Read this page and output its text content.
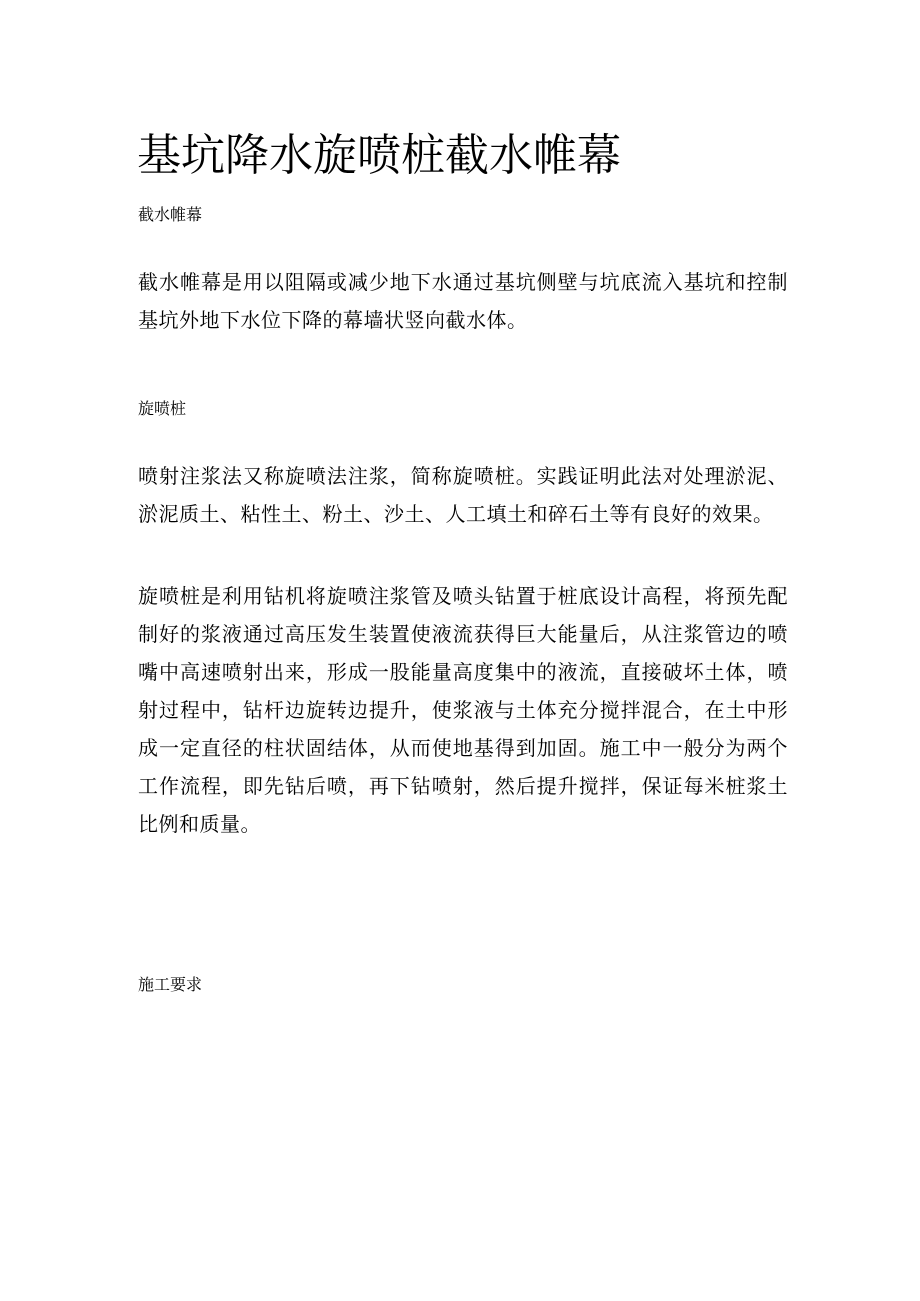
基坑降水旋喷桩截水帷幕
截水帷幕

截水帷幕是用以阻隔或减少地下水通过基坑侧壁与坑底流入基坑和控制基坑外地下水位下降的幕墙状竖向截水体。

旋喷桩

喷射注浆法又称旋喷法注浆，简称旋喷桩。实践证明此法对处理淤泥、淤泥质土、粘性土、粉土、沙土、人工填土和碎石土等有良好的效果。

旋喷桩是利用钻机将旋喷注浆管及喷头钻置于桩底设计高程，将预先配制好的浆液通过高压发生装置使液流获得巨大能量后，从注浆管边的喷嘴中高速喷射出来，形成一股能量高度集中的液流，直接破坏土体，喷射过程中，钻杆边旋转边提升，使浆液与土体充分搅拌混合，在土中形成一定直径的柱状固结体，从而使地基得到加固。施工中一般分为两个工作流程，即先钻后喷，再下钻喷射，然后提升搅拌，保证每米桩浆土比例和质量。

施工要求
